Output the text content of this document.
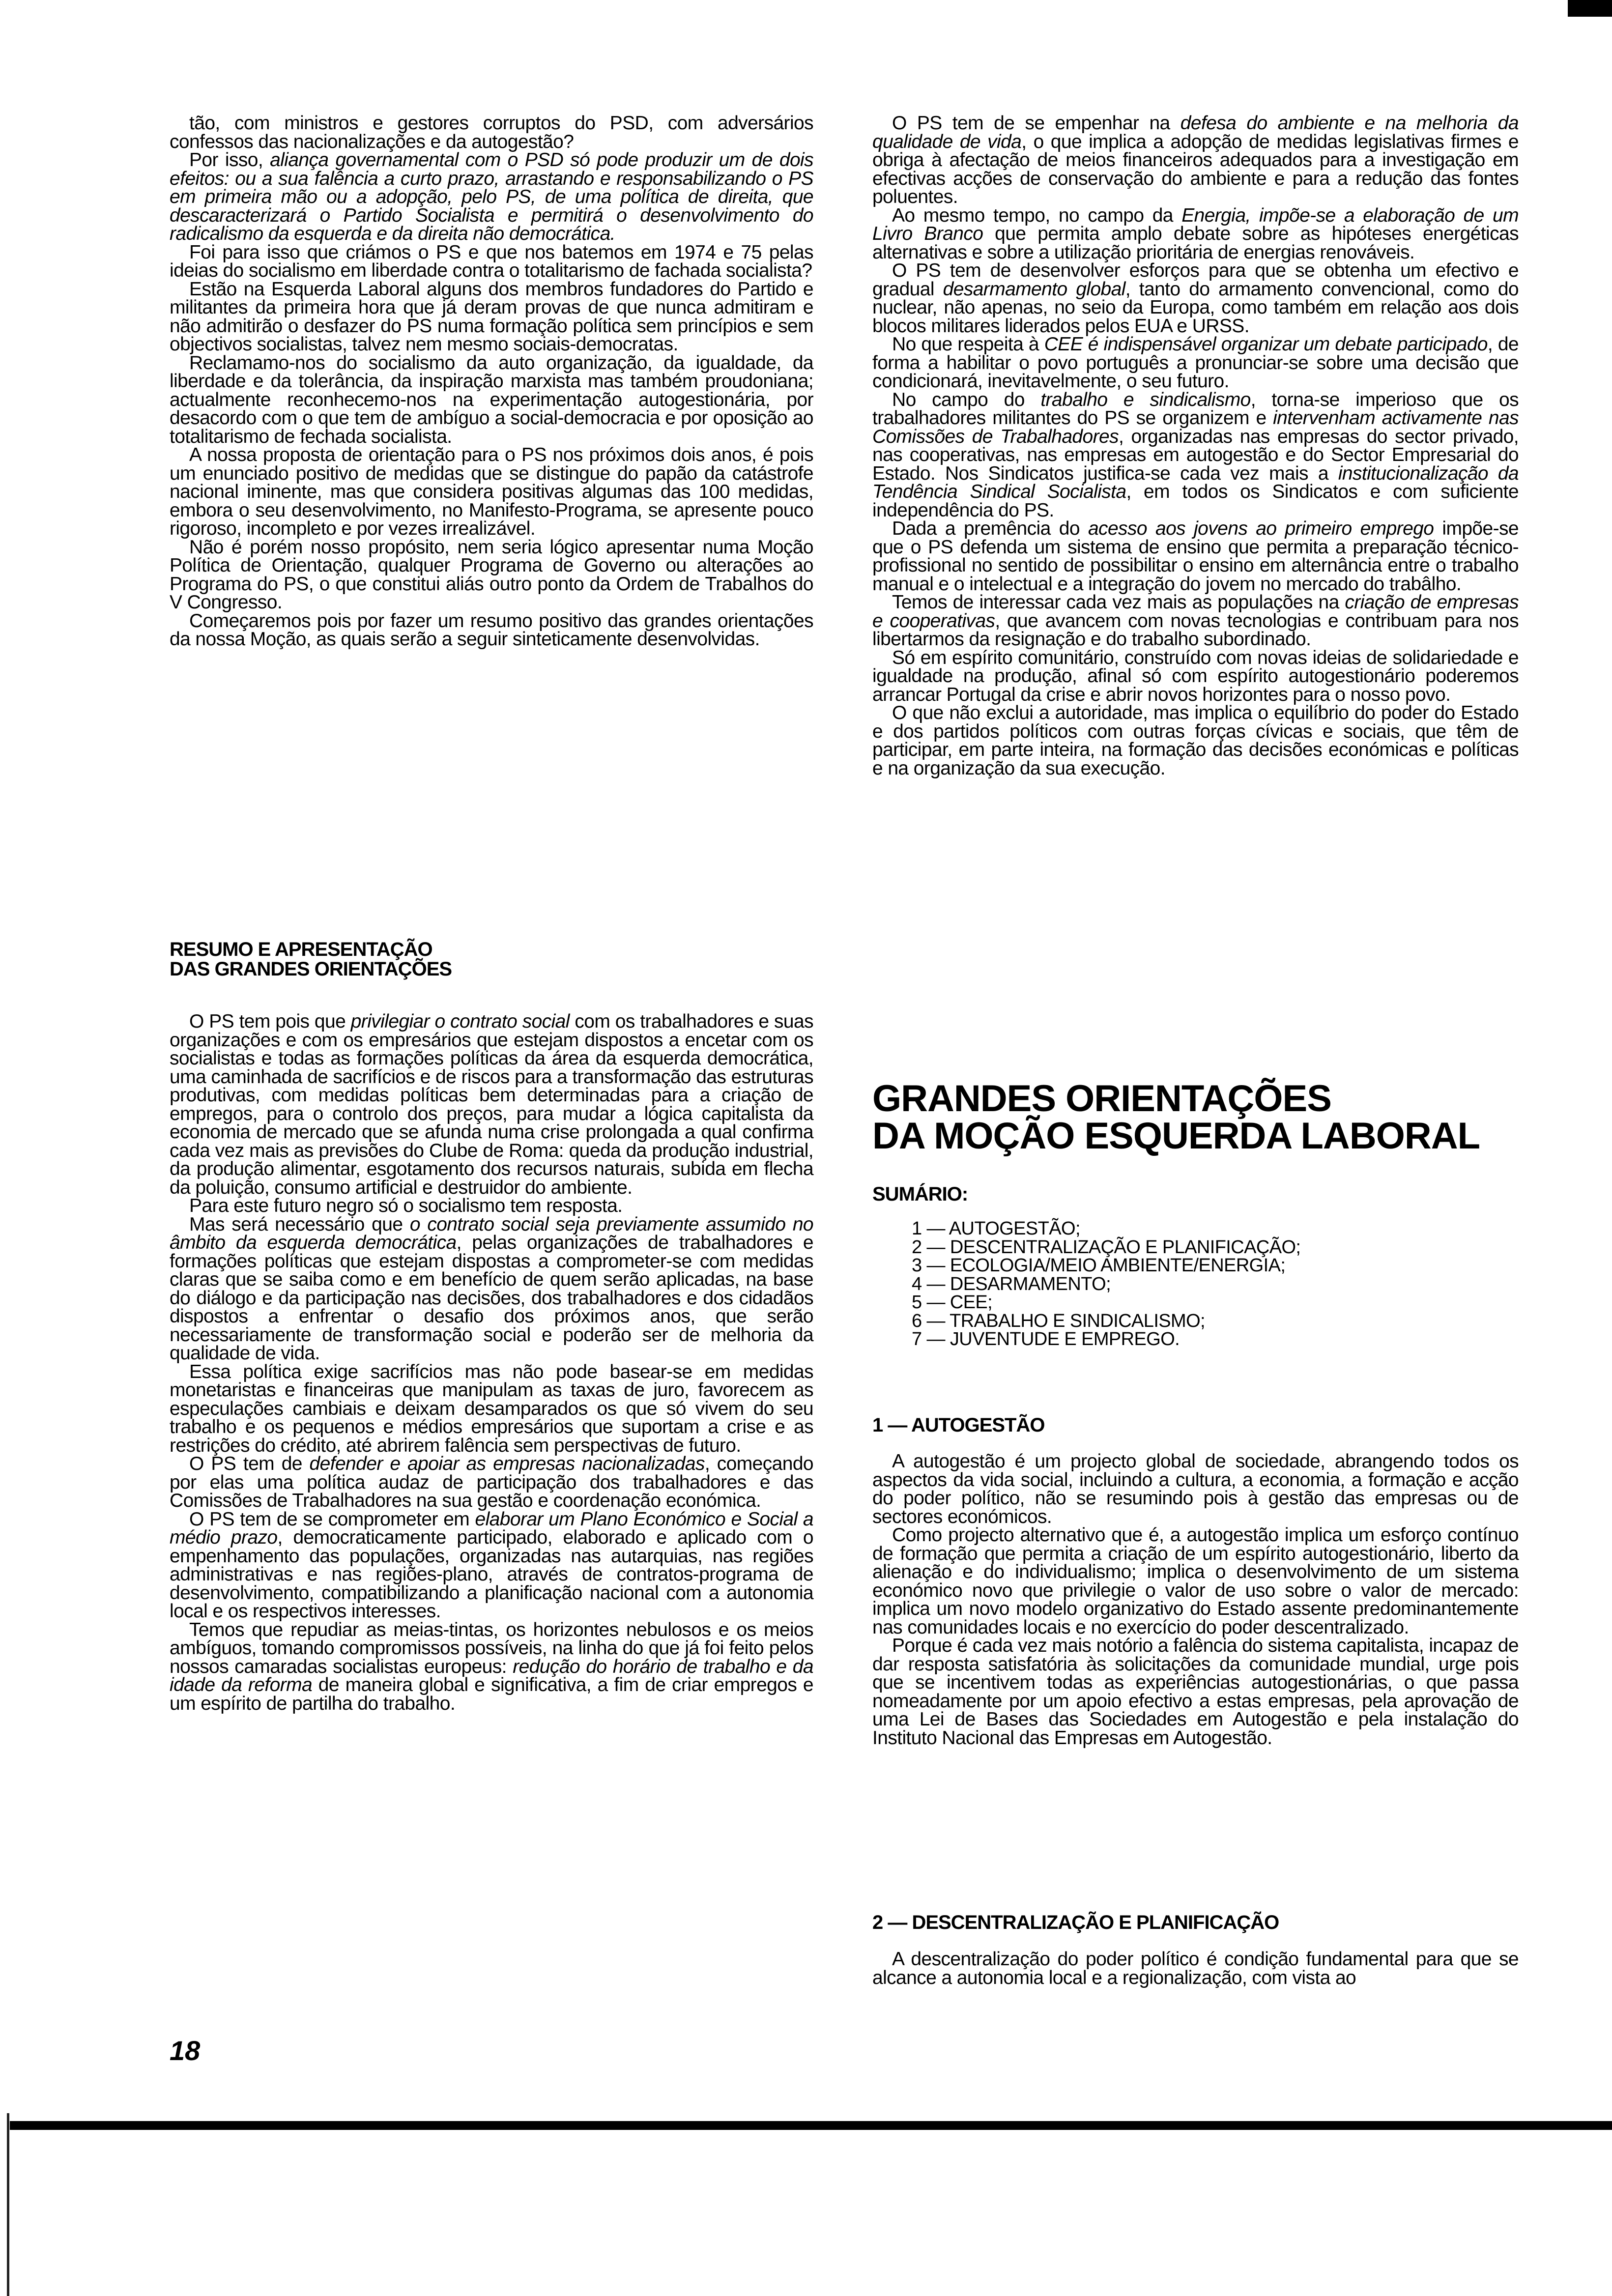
tão, com ministros e gestores corruptos do PSD, com adversários confessos das nacionalizações e da autogestão?

Por isso, aliança governamental com o PSD só pode produzir um de dois efeitos: ou a sua falência a curto prazo, arrastando e responsabilizando o PS em primeira mão ou a adopção, pelo PS, de uma política de direita, que descaracterizará o Partido Socialista e permitirá o desenvolvimento do radicalismo da esquerda e da direita não democrática.

Foi para isso que criámos o PS e que nos batemos em 1974 e 75 pelas ideias do socialismo em liberdade contra o totalitarismo de fachada socialista?

Estão na Esquerda Laboral alguns dos membros fundadores do Partido e militantes da primeira hora que já deram provas de que nunca admitiram e não admitirão o desfazer do PS numa formação política sem princípios e sem objectivos socialistas, talvez nem mesmo sociais-democratas.

Reclamamo-nos do socialismo da auto organização, da igualdade, da liberdade e da tolerância, da inspiração marxista mas também proudoniana; actualmente reconhecemo-nos na experimentação autogestionária, por desacordo com o que tem de ambíguo a social-democracia e por oposição ao totalitarismo de fechada socialista.

A nossa proposta de orientação para o PS nos próximos dois anos, é pois um enunciado positivo de medidas que se distingue do papão da catástrofe nacional iminente, mas que considera positivas algumas das 100 medidas, embora o seu desenvolvimento, no Manifesto-Programa, se apresente pouco rigoroso, incompleto e por vezes irrealizável.

Não é porém nosso propósito, nem seria lógico apresentar numa Moção Política de Orientação, qualquer Programa de Governo ou alterações ao Programa do PS, o que constitui aliás outro ponto da Ordem de Trabalhos do V Congresso.

Começaremos pois por fazer um resumo positivo das grandes orientações da nossa Moção, as quais serão a seguir sinteticamente desenvolvidas.

RESUMO E APRESENTAÇÃO
DAS GRANDES ORIENTAÇÕES

O PS tem pois que privilegiar o contrato social com os trabalhadores e suas organizações e com os empresários que estejam dispostos a encetar com os socialistas e todas as formações políticas da área da esquerda democrática, uma caminhada de sacrifícios e de riscos para a transformação das estruturas produtivas, com medidas políticas bem determinadas para a criação de empregos, para o controlo dos preços, para mudar a lógica capitalista da economia de mercado que se afunda numa crise prolongada a qual confirma cada vez mais as previsões do Clube de Roma: queda da produção industrial, da produção alimentar, esgotamento dos recursos naturais, subida em flecha da poluição, consumo artificial e destruidor do ambiente.

Para este futuro negro só o socialismo tem resposta.

Mas será necessário que o contrato social seja previamente assumido no âmbito da esquerda democrática, pelas organizações de trabalhadores e formações políticas que estejam dispostas a comprometer-se com medidas claras que se saiba como e em benefício de quem serão aplicadas, na base do diálogo e da participação nas decisões, dos trabalhadores e dos cidadãos dispostos a enfrentar o desafio dos próximos anos, que serão necessariamente de transformação social e poderão ser de melhoria da qualidade de vida.

Essa política exige sacrifícios mas não pode basear-se em medidas monetaristas e financeiras que manipulam as taxas de juro, favorecem as especulações cambiais e deixam desamparados os que só vivem do seu trabalho e os pequenos e médios empresários que suportam a crise e as restrições do crédito, até abrirem falência sem perspectivas de futuro.

O PS tem de defender e apoiar as empresas nacionalizadas, começando por elas uma política audaz de participação dos trabalhadores e das Comissões de Trabalhadores na sua gestão e coordenação económica.

O PS tem de se comprometer em elaborar um Plano Económico e Social a médio prazo, democraticamente participado, elaborado e aplicado com o empenhamento das populações, organizadas nas autarquias, nas regiões administrativas e nas regiões-plano, através de contratos-programa de desenvolvimento, compatibilizando a planificação nacional com a autonomia local e os respectivos interesses.

Temos que repudiar as meias-tintas, os horizontes nebulosos e os meios ambíguos, tomando compromissos possíveis, na linha do que já foi feito pelos nossos camaradas socialistas europeus: redução do horário de trabalho e da idade da reforma de maneira global e significativa, a fim de criar empregos e um espírito de partilha do trabalho.

18

O PS tem de se empenhar na defesa do ambiente e na melhoria da qualidade de vida, o que implica a adopção de medidas legislativas firmes e obriga à afectação de meios financeiros adequados para a investigação em efectivas acções de conservação do ambiente e para a redução das fontes poluentes.

Ao mesmo tempo, no campo da Energia, impõe-se a elaboração de um Livro Branco que permita amplo debate sobre as hipóteses energéticas alternativas e sobre a utilização prioritária de energias renováveis.

O PS tem de desenvolver esforços para que se obtenha um efectivo e gradual desarmamento global, tanto do armamento convencional, como do nuclear, não apenas, no seio da Europa, como também em relação aos dois blocos militares liderados pelos EUA e URSS.

No que respeita à CEE é indispensável organizar um debate participado, de forma a habilitar o povo português a pronunciar-se sobre uma decisão que condicionará, inevitavelmente, o seu futuro.

No campo do trabalho e sindicalismo, torna-se imperioso que os trabalhadores militantes do PS se organizem e intervenham activamente nas Comissões de Trabalhadores, organizadas nas empresas do sector privado, nas cooperativas, nas empresas em autogestão e do Sector Empresarial do Estado. Nos Sindicatos justifica-se cada vez mais a institucionalização da Tendência Sindical Socialista, em todos os Sindicatos e com suficiente independência do PS.

Dada a premência do acesso aos jovens ao primeiro emprego impõe-se que o PS defenda um sistema de ensino que permita a preparação técnico-profissional no sentido de possibilitar o ensino em alternância entre o trabalho manual e o intelectual e a integração do jovem no mercado do trabâlho.

Temos de interessar cada vez mais as populações na criação de empresas e cooperativas, que avancem com novas tecnologias e contribuam para nos libertarmos da resignação e do trabalho subordinado.

Só em espírito comunitário, construído com novas ideias de solidariedade e igualdade na produção, afinal só com espírito autogestionário poderemos arrancar Portugal da crise e abrir novos horizontes para o nosso povo.

O que não exclui a autoridade, mas implica o equilíbrio do poder do Estado e dos partidos políticos com outras forças cívicas e sociais, que têm de participar, em parte inteira, na formação das decisões económicas e políticas e na organização da sua execução.

GRANDES ORIENTAÇÕES
DA MOÇÃO ESQUERDA LABORAL
SUMÁRIO:
1 — AUTOGESTÃO;
2 — DESCENTRALIZAÇÃO E PLANIFICAÇÃO;
3 — ECOLOGIA/MEIO AMBIENTE/ENERGIA;
4 — DESARMAMENTO;
5 — CEE;
6 — TRABALHO E SINDICALISMO;
7 — JUVENTUDE E EMPREGO.
1 — AUTOGESTÃO

A autogestão é um projecto global de sociedade, abrangendo todos os aspectos da vida social, incluindo a cultura, a economia, a formação e acção do poder político, não se resumindo pois à gestão das empresas ou de sectores económicos.

Como projecto alternativo que é, a autogestão implica um esforço contínuo de formação que permita a criação de um espírito autogestionário, liberto da alienação e do individualismo; implica o desenvolvimento de um sistema económico novo que privilegie o valor de uso sobre o valor de mercado: implica um novo modelo organizativo do Estado assente predominantemente nas comunidades locais e no exercício do poder descentralizado.

Porque é cada vez mais notório a falência do sistema capitalista, incapaz de dar resposta satisfatória às solicitações da comunidade mundial, urge pois que se incentivem todas as experiências autogestionárias, o que passa nomeadamente por um apoio efectivo a estas empresas, pela aprovação de uma Lei de Bases das Sociedades em Autogestão e pela instalação do Instituto Nacional das Empresas em Autogestão.

2 — DESCENTRALIZAÇÃO E PLANIFICAÇÃO

A descentralização do poder político é condição fundamental para que se alcance a autonomia local e a regionalização, com vista ao
